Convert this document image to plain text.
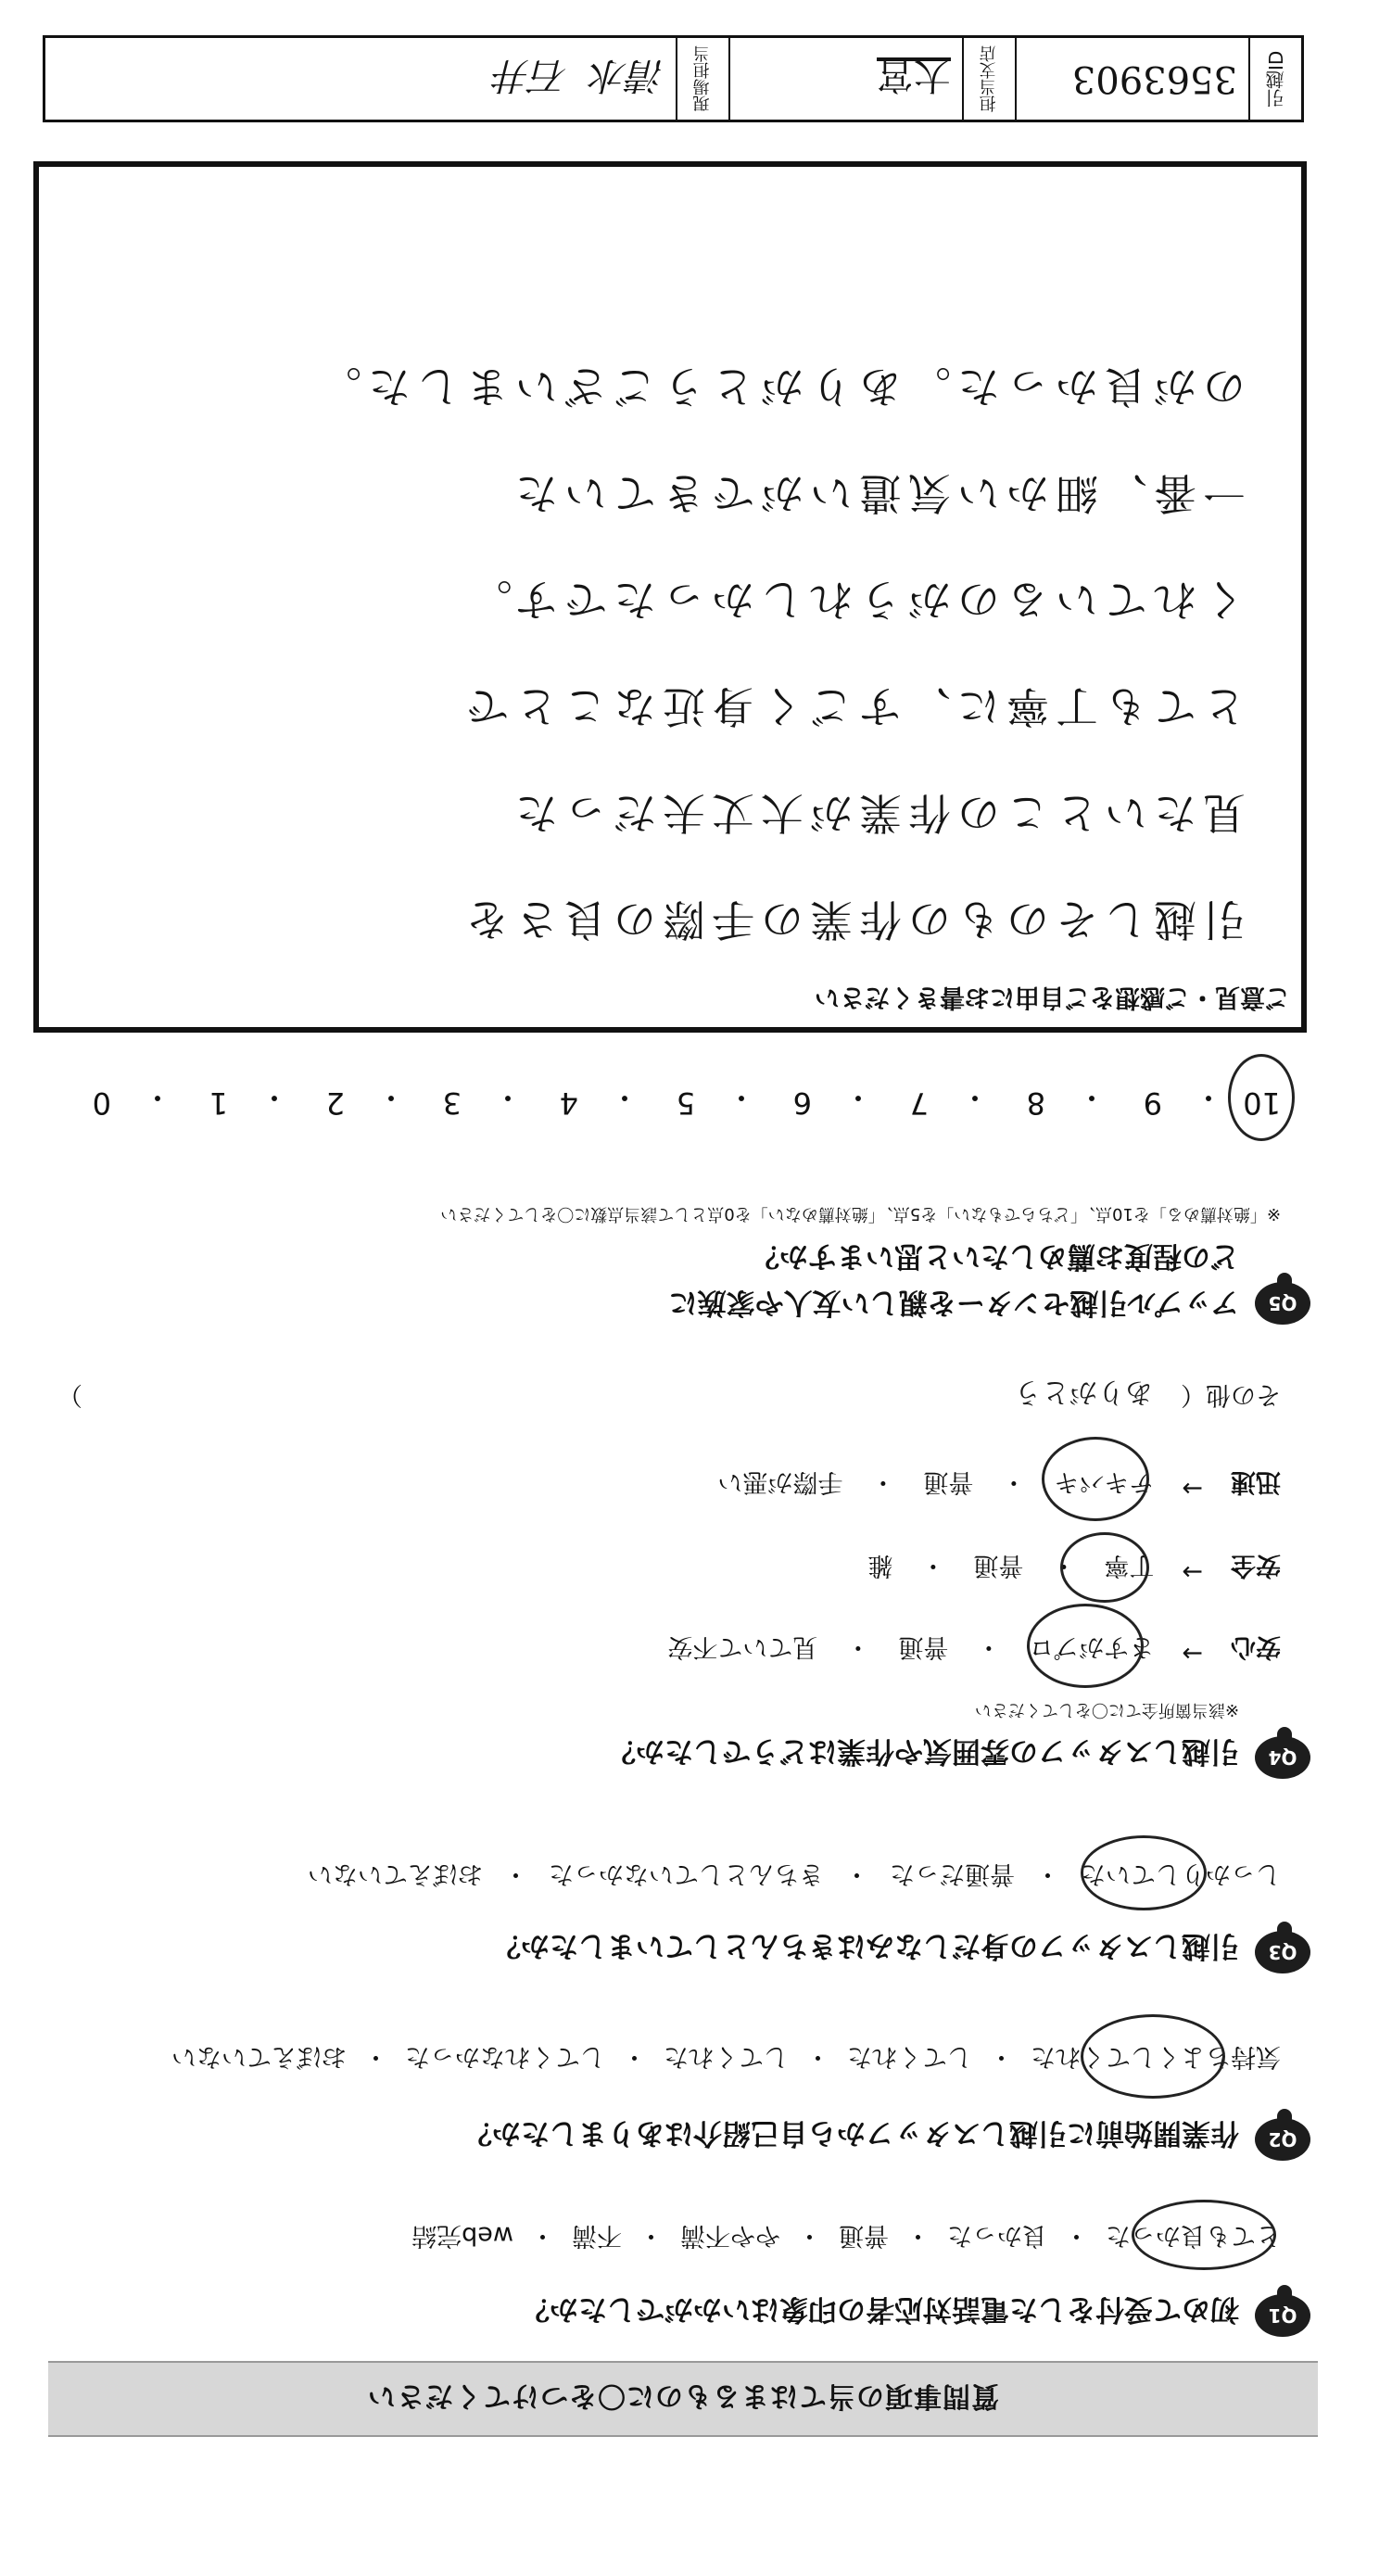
質問事項の当てはまるものに〇をつけてください
Q1
初めて受付をした電話対応者の印象はいかがでしたか？
とても良かった
・
良かった
・
普通
・
やや不満
・
不満
・
web完結
Q2
作業開始前に引越しスタッフから自己紹介はありましたか？
気持ちよくしてくれた
・
してくれた
・
してくれた
・
してくれなかった
・
おぼえていない
Q3
引越しスタッフの身だしなみはきちんとしていましたか？
しっかりしていた
・
普通だった
・
きちんとしていなかった
・
おぼえていない
Q4
引越しスタッフの雰囲気や作業はどうでしたか？
※該当箇所全てに〇をしてください
安心
→
さすがプロ
・
普通
・
見ていて不安
安全
→
丁寧
・
普通
・
雑
迅速
→
テキパキ
・
普通
・
手際が悪い
その他（
ありがとう
）
Q5
アップル引越センターを親しい友人や家族に
どの程度お薦めしたいと思いますか？
※「絶対薦める」を10点、「どちらでもない」を5点、「絶対薦めない」を0点として該当点数に〇をしてください
10
9
8
7
6
5
4
3
2
1
0	・
・
・
・
・
・
・
・
・
・
ご意見・ご感想をご自由にお書きください
引越しそのもの作業の手際の良さを
見たいとこの作業が大丈夫だった
とても丁寧に、すごく身近なことで
くれているのがうれしかったです。
一番、細かい気遣いができていた
のが良かった。ありがとうございました。
引越ID
3563903
担当支店
大宮
現場担当
清水
石井
